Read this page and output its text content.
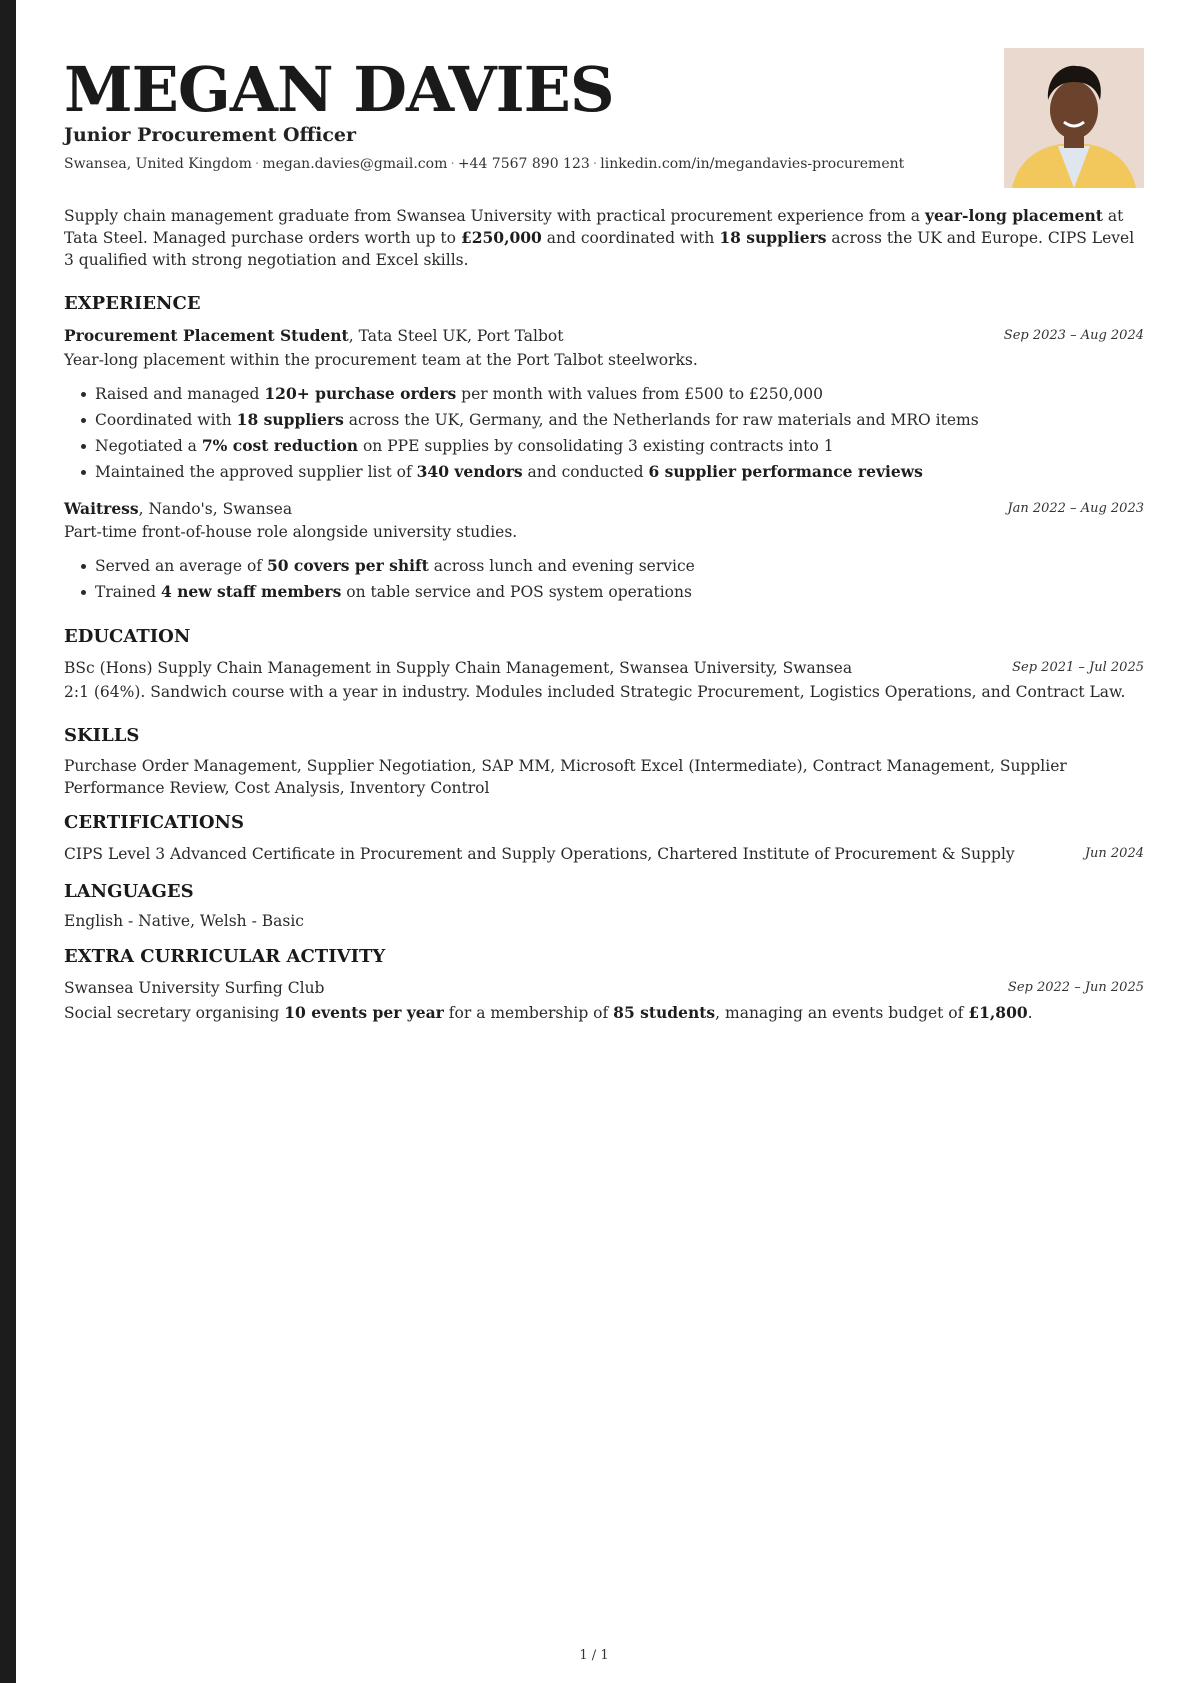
MEGAN DAVIES
Junior Procurement Officer
Swansea, United Kingdom · megan.davies@gmail.com · +44 7567 890 123 · linkedin.com/in/megandavies-procurement
Supply chain management graduate from Swansea University with practical procurement experience from a year-long placement at Tata Steel. Managed purchase orders worth up to £250,000 and coordinated with 18 suppliers across the UK and Europe. CIPS Level 3 qualified with strong negotiation and Excel skills.
EXPERIENCE
Procurement Placement Student, Tata Steel UK, Port Talbot	Sep 2023 – Aug 2024
Year-long placement within the procurement team at the Port Talbot steelworks.
Raised and managed 120+ purchase orders per month with values from £500 to £250,000
Coordinated with 18 suppliers across the UK, Germany, and the Netherlands for raw materials and MRO items
Negotiated a 7% cost reduction on PPE supplies by consolidating 3 existing contracts into 1
Maintained the approved supplier list of 340 vendors and conducted 6 supplier performance reviews
Waitress, Nando's, Swansea	Jan 2022 – Aug 2023
Part-time front-of-house role alongside university studies.
Served an average of 50 covers per shift across lunch and evening service
Trained 4 new staff members on table service and POS system operations
EDUCATION
BSc (Hons) Supply Chain Management in Supply Chain Management, Swansea University, Swansea	Sep 2021 – Jul 2025
2:1 (64%). Sandwich course with a year in industry. Modules included Strategic Procurement, Logistics Operations, and Contract Law.
SKILLS
Purchase Order Management, Supplier Negotiation, SAP MM, Microsoft Excel (Intermediate), Contract Management, Supplier Performance Review, Cost Analysis, Inventory Control
CERTIFICATIONS
CIPS Level 3 Advanced Certificate in Procurement and Supply Operations, Chartered Institute of Procurement & Supply	Jun 2024
LANGUAGES
English - Native, Welsh - Basic
EXTRA CURRICULAR ACTIVITY
Swansea University Surfing Club	Sep 2022 – Jun 2025
Social secretary organising 10 events per year for a membership of 85 students, managing an events budget of £1,800.
1 / 1
